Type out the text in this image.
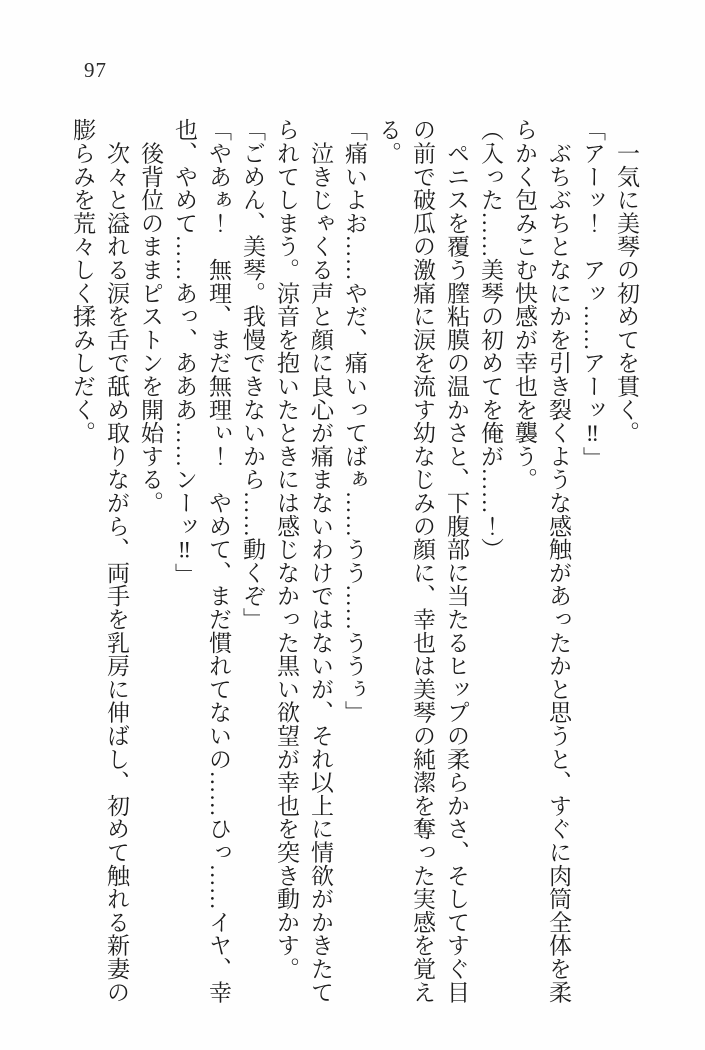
97

　一気に美琴の初めてを貫く。

「アーッ！　アッ……アーッ‼」

　ぶちぶちとなにかを引き裂くような感触があったかと思うと、すぐに肉筒全体を柔

らかく包みこむ快感が幸也を襲う。

（入った……美琴の初めてを俺が……！）

　ペニスを覆う膣粘膜の温かさと、下腹部に当たるヒップの柔らかさ、そしてすぐ目

の前で破瓜の激痛に涙を流す幼なじみの顔に、幸也は美琴の純潔を奪った実感を覚え

る。

「痛いよお……やだ、痛いってばぁ……うう……ううぅ」

　泣きじゃくる声と顔に良心が痛まないわけではないが、それ以上に情欲がかきたて

られてしまう。涼音を抱いたときには感じなかった黒い欲望が幸也を突き動かす。

「ごめん、美琴。我慢できないから……動くぞ」

「やあぁ！　無理、まだ無理ぃ！　やめて、まだ慣れてないの……ひっ……イヤ、幸

也、やめて……あっ、あああ……ンーッ‼」

　後背位のままピストンを開始する。

　次々と溢れる涙を舌で舐め取りながら、両手を乳房に伸ばし、初めて触れる新妻の

膨らみを荒々しく揉みしだく。
